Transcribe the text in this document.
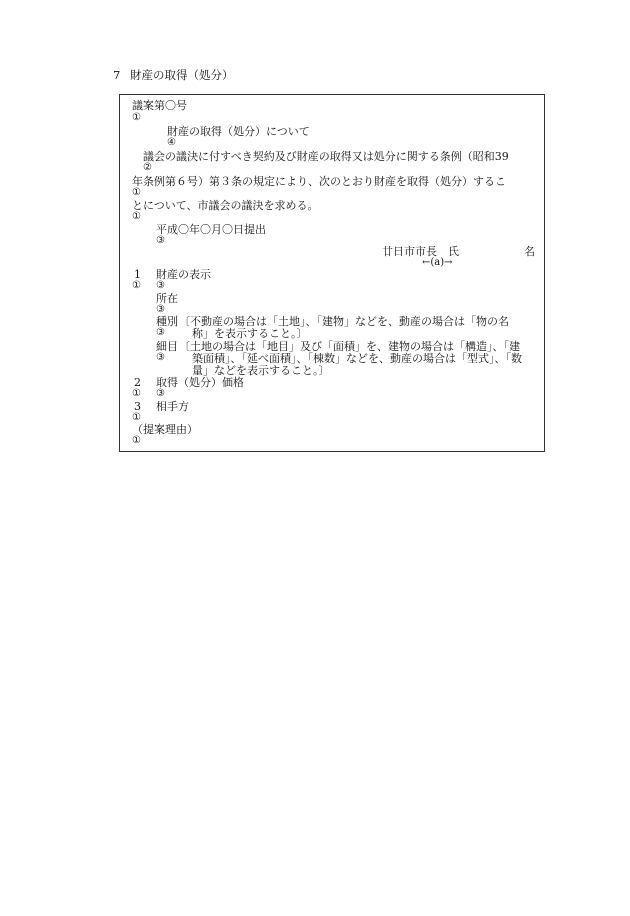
7 財産の取得（処分）
議案第〇号
①
財産の取得（処分）について
④
議会の議決に付すべき契約及び財産の取得又は処分に関する条例（昭和39
②
年条例第６号）第３条の規定により、次のとおり財産を取得（処分）するこ
①
とについて、市議会の議決を求める。
①
平成〇年〇月〇日提出
③
廿日市市長　氏	名
←(a)→
1 財産の表示
① ③
所在
③
種別 〔不動産の場合は「土地」、「建物」などを、動産の場合は「物の名
③ 称」を表示すること。〕
細目 〔土地の場合は「地目」及び「面積」を、建物の場合は「構造」、「建
③ 築面積」、「延べ面積」、「棟数」などを、動産の場合は「型式」、「数
量」などを表示すること。〕
2 取得（処分）価格
① ③
3 相手方
①
（提案理由）
①
